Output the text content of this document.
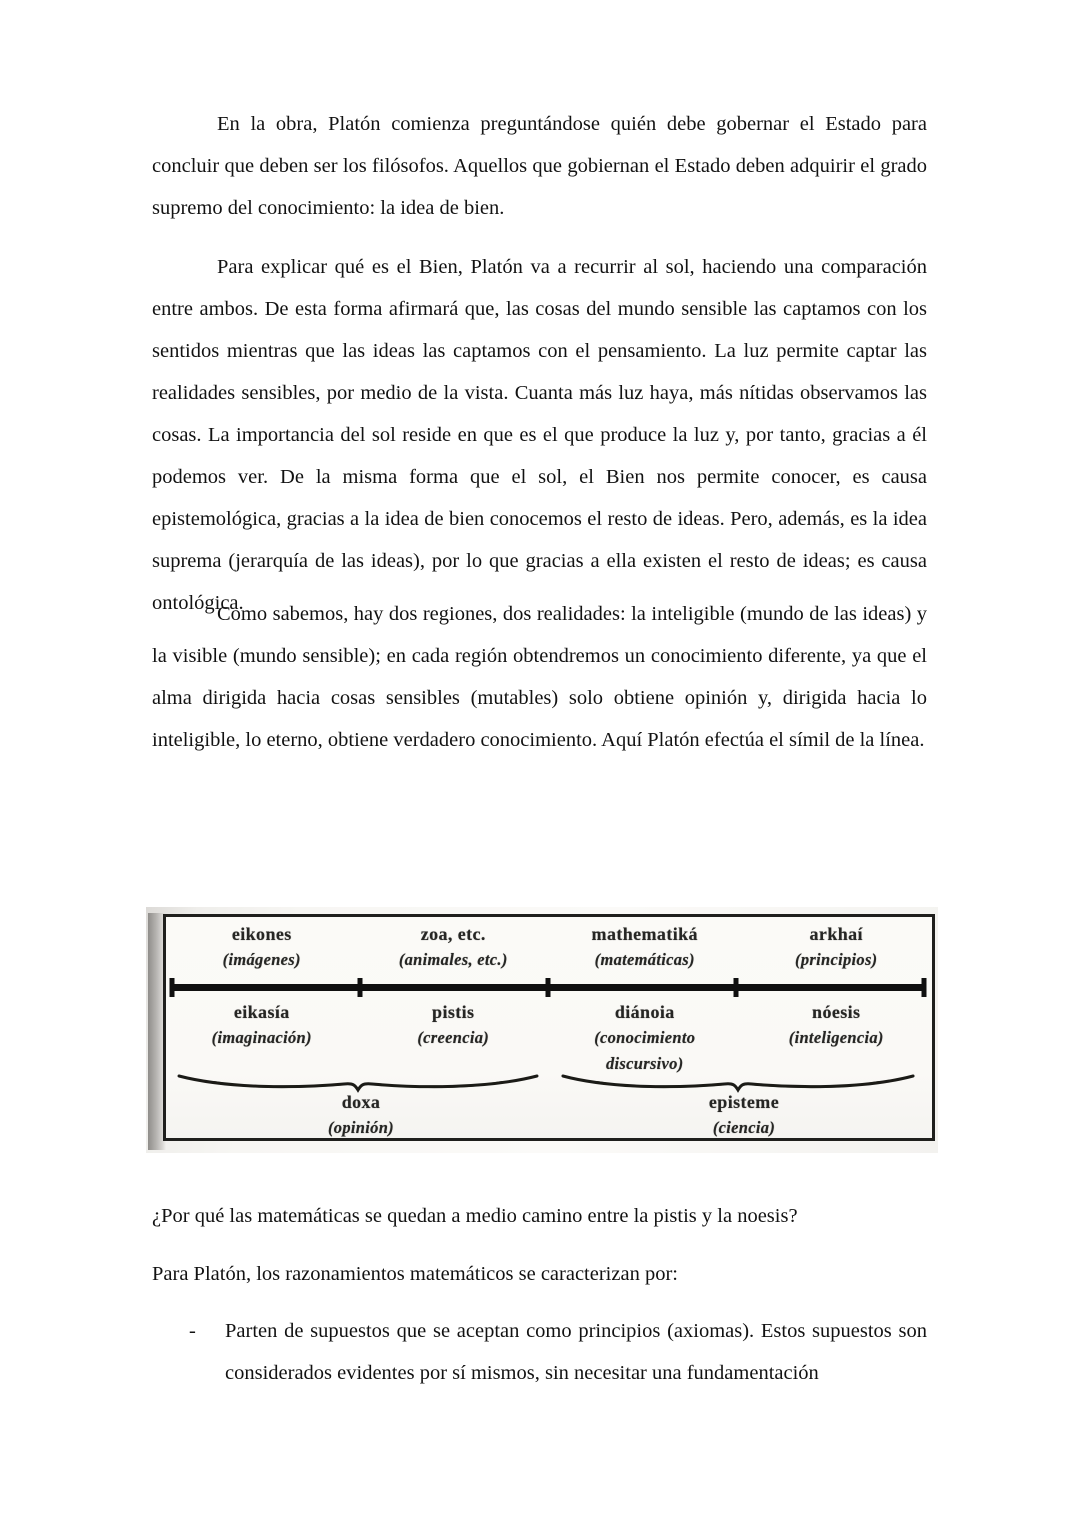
En la obra, Platón comienza preguntándose quién debe gobernar el Estado para concluir que deben ser los filósofos. Aquellos que gobiernan el Estado deben adquirir el grado supremo del conocimiento: la idea de bien.

Para explicar qué es el Bien, Platón va a recurrir al sol, haciendo una comparación entre ambos. De esta forma afirmará que, las cosas del mundo sensible las captamos con los sentidos mientras que las ideas las captamos con el pensamiento. La luz permite captar las realidades sensibles, por medio de la vista. Cuanta más luz haya, más nítidas observamos las cosas. La importancia del sol reside en que es el que produce la luz y, por tanto, gracias a él podemos ver. De la misma forma que el sol, el Bien nos permite conocer, es causa epistemológica, gracias a la idea de bien conocemos el resto de ideas. Pero, además, es la idea suprema (jerarquía de las ideas), por lo que gracias a ella existen el resto de ideas; es causa ontológica.

Como sabemos, hay dos regiones, dos realidades: la inteligible (mundo de las ideas) y la visible (mundo sensible); en cada región obtendremos un conocimiento diferente, ya que el alma dirigida hacia cosas sensibles (mutables) solo obtiene opinión y, dirigida hacia lo inteligible, lo eterno, obtiene verdadero conocimiento. Aquí Platón efectúa el símil de la línea.

eikones
(imágenes)
zoa, etc.
(animales, etc.)
mathematiká
(matemáticas)
arkhaí
(principios)
eikasía
(imaginación)
pistis
(creencia)
diánoia
(conocimiento discursivo)
nóesis
(inteligencia)
doxa
(opinión)
episteme
(ciencia)

¿Por qué las matemáticas se quedan a medio camino entre la pistis y la noesis?

Para Platón, los razonamientos matemáticos se caracterizan por:

- Parten de supuestos que se aceptan como principios (axiomas). Estos supuestos son considerados evidentes por sí mismos, sin necesitar una fundamentación
